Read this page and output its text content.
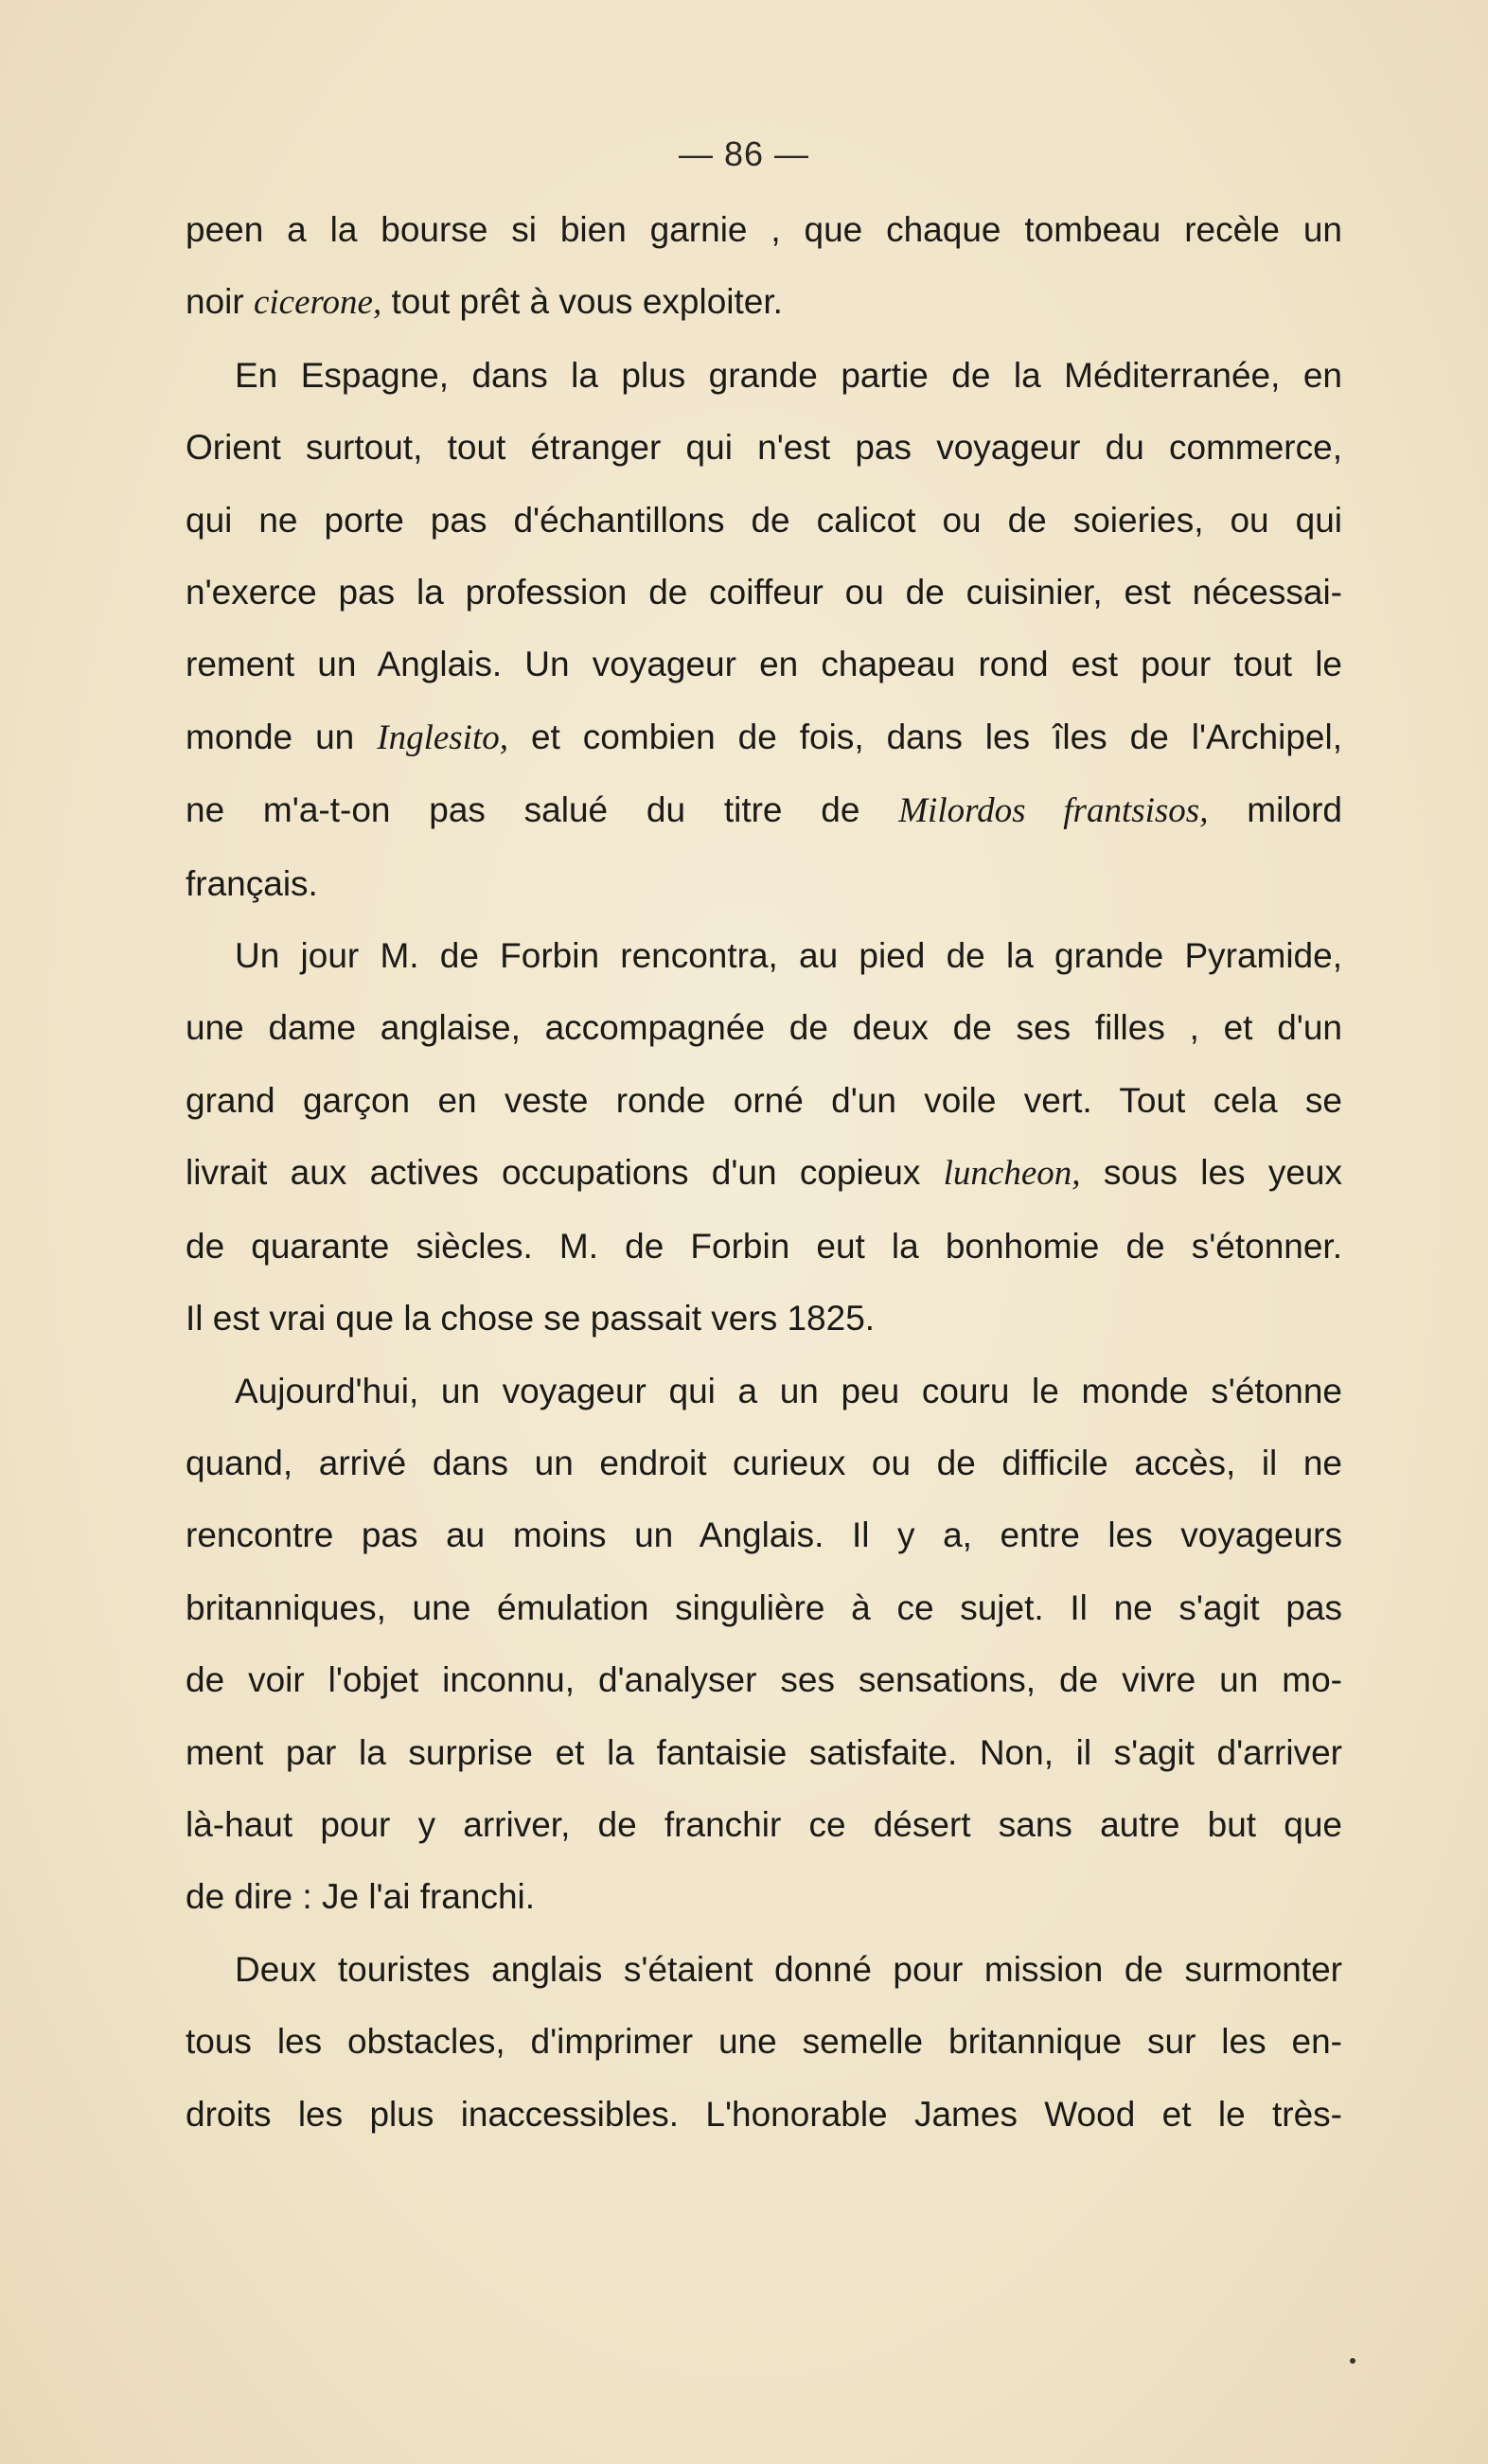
— 86 —
peen a la bourse si bien garnie , que chaque tombeau recèle un
noir cicerone, tout prêt à vous exploiter.
En Espagne, dans la plus grande partie de la Méditerranée, en
Orient surtout, tout étranger qui n'est pas voyageur du commerce,
qui ne porte pas d'échantillons de calicot ou de soieries, ou qui
n'exerce pas la profession de coiffeur ou de cuisinier, est nécessai-
rement un Anglais. Un voyageur en chapeau rond est pour tout le
monde un Inglesito, et combien de fois, dans les îles de l'Archipel,
ne m'a-t-on pas salué du titre de Milordos frantsisos, milord
français.
Un jour M. de Forbin rencontra, au pied de la grande Pyramide,
une dame anglaise, accompagnée de deux de ses filles , et d'un
grand garçon en veste ronde orné d'un voile vert. Tout cela se
livrait aux actives occupations d'un copieux luncheon, sous les yeux
de quarante siècles. M. de Forbin eut la bonhomie de s'étonner.
Il est vrai que la chose se passait vers 1825.
Aujourd'hui, un voyageur qui a un peu couru le monde s'étonne
quand, arrivé dans un endroit curieux ou de difficile accès, il ne
rencontre pas au moins un Anglais. Il y a, entre les voyageurs
britanniques, une émulation singulière à ce sujet. Il ne s'agit pas
de voir l'objet inconnu, d'analyser ses sensations, de vivre un mo-
ment par la surprise et la fantaisie satisfaite. Non, il s'agit d'arriver
là-haut pour y arriver, de franchir ce désert sans autre but que
de dire : Je l'ai franchi.
Deux touristes anglais s'étaient donné pour mission de surmonter
tous les obstacles, d'imprimer une semelle britannique sur les en-
droits les plus inaccessibles. L'honorable James Wood et le très-
